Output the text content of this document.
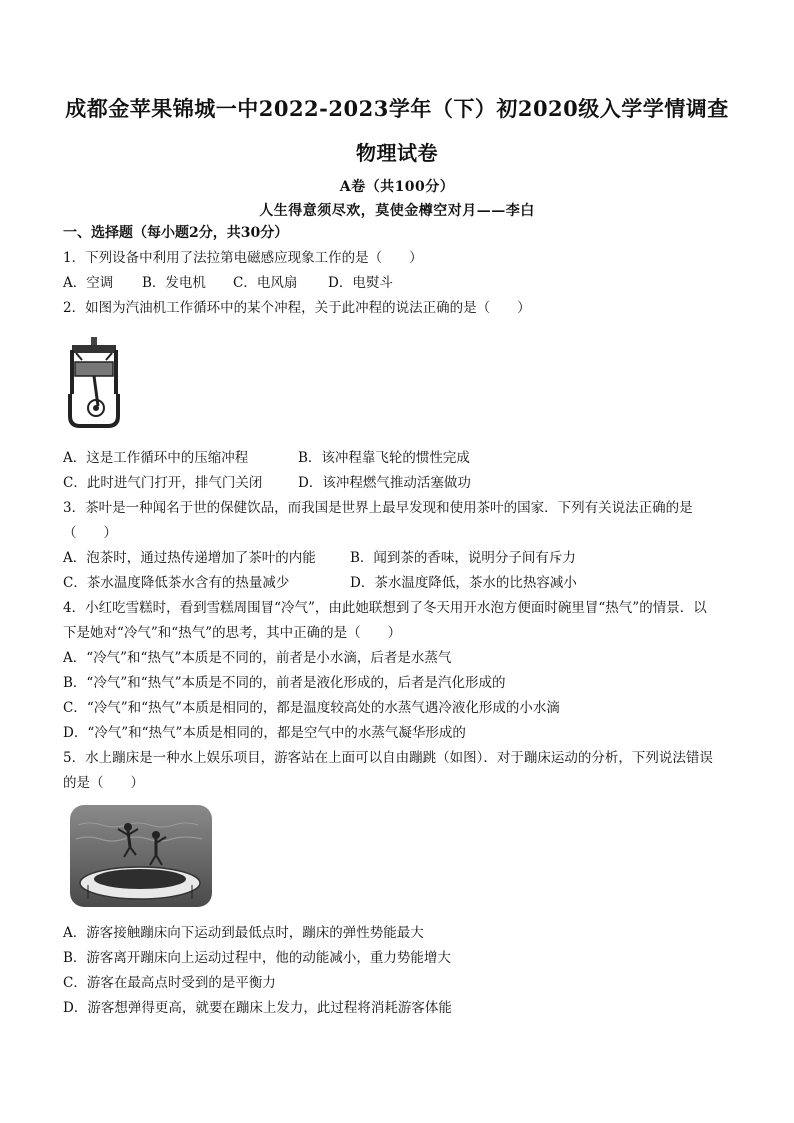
成都金苹果锦城一中2022-2023学年（下）初2020级入学学情调查
物理试卷
A卷（共100分）
人生得意须尽欢，莫使金樽空对月——李白
一、选择题（每小题2分，共30分）
1．下列设备中利用了法拉第电磁感应现象工作的是（　　）
A．空调 B．发电机 C．电风扇 D．电熨斗
2．如图为汽油机工作循环中的某个冲程，关于此冲程的说法正确的是（　　）
A．这是工作循环中的压缩冲程	B．该冲程靠飞轮的惯性完成
C．此时进气门打开，排气门关闭	D．该冲程燃气推动活塞做功
3．茶叶是一种闻名于世的保健饮品，而我国是世界上最早发现和使用茶叶的国家．下列有关说法正确的是
（　　）
A．泡茶时，通过热传递增加了茶叶的内能	B．闻到茶的香味，说明分子间有斥力
C．茶水温度降低茶水含有的热量减少	D．茶水温度降低，茶水的比热容减小
4．小红吃雪糕时，看到雪糕周围冒“冷气”，由此她联想到了冬天用开水泡方便面时碗里冒“热气”的情景．以
下是她对“冷气”和“热气”的思考，其中正确的是（　　）
A．“冷气”和“热气”本质是不同的，前者是小水滴，后者是水蒸气
B．“冷气”和“热气”本质是不同的，前者是液化形成的，后者是汽化形成的
C．“冷气”和“热气”本质是相同的，都是温度较高处的水蒸气遇冷液化形成的小水滴
D．“冷气”和“热气”本质是相同的，都是空气中的水蒸气凝华形成的
5．水上蹦床是一种水上娱乐项目，游客站在上面可以自由蹦跳（如图）．对于蹦床运动的分析，下列说法错误
的是（　　）
A．游客接触蹦床向下运动到最低点时，蹦床的弹性势能最大
B．游客离开蹦床向上运动过程中，他的动能减小，重力势能增大
C．游客在最高点时受到的是平衡力
D．游客想弹得更高，就要在蹦床上发力，此过程将消耗游客体能
